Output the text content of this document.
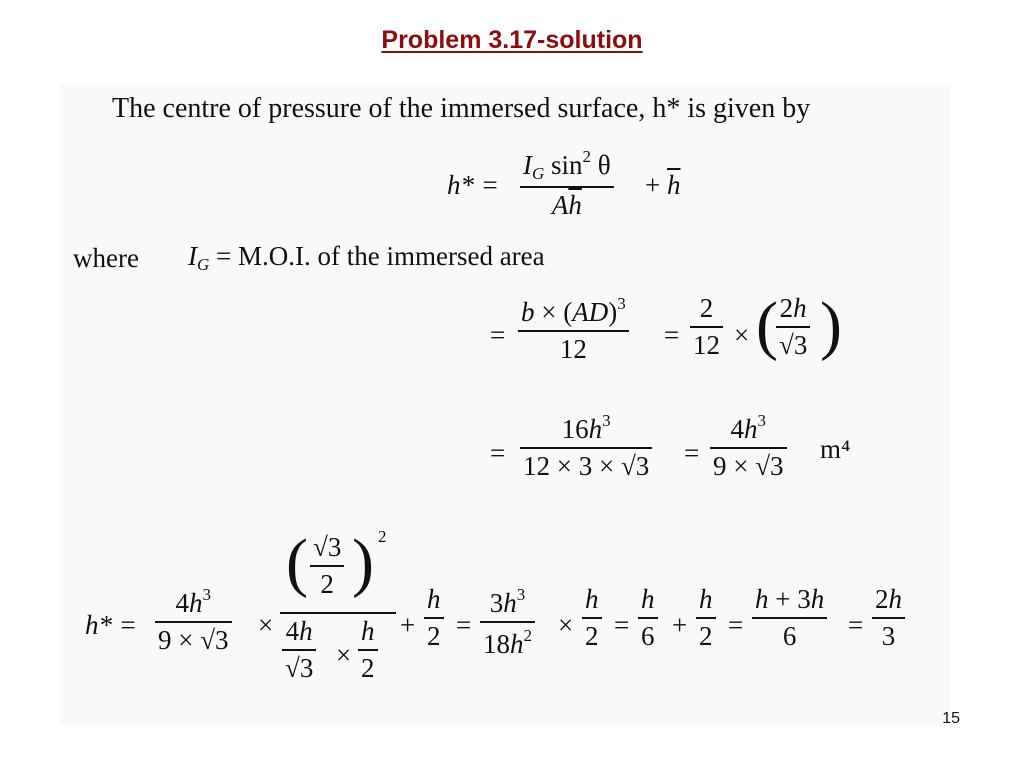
Problem 3.17-solution
The centre of pressure of the immersed surface, h* is given by
h* =
$I_G$ $\sin^2 \theta$
$A\overline{h}$
+ $\overline{h}$
where $I_G = M.O.I$. of the immersed area
=
b × (AD)$^3$
12	=
2
12 × ( 2h
√3 )
=
$16h^3$
12 × 3 × √3 =
$4h^3$
9 × √3
m⁴
h* =
$4h^3$
9 × √3 ×
( √3
2 ) 2
4h
√3 ×
h
2
+
h
2 =
$3h^3$
$18h^2$ ×
h
2 =
h
6 +
h
2 =
h + 3h
6 =
2h
3
15
